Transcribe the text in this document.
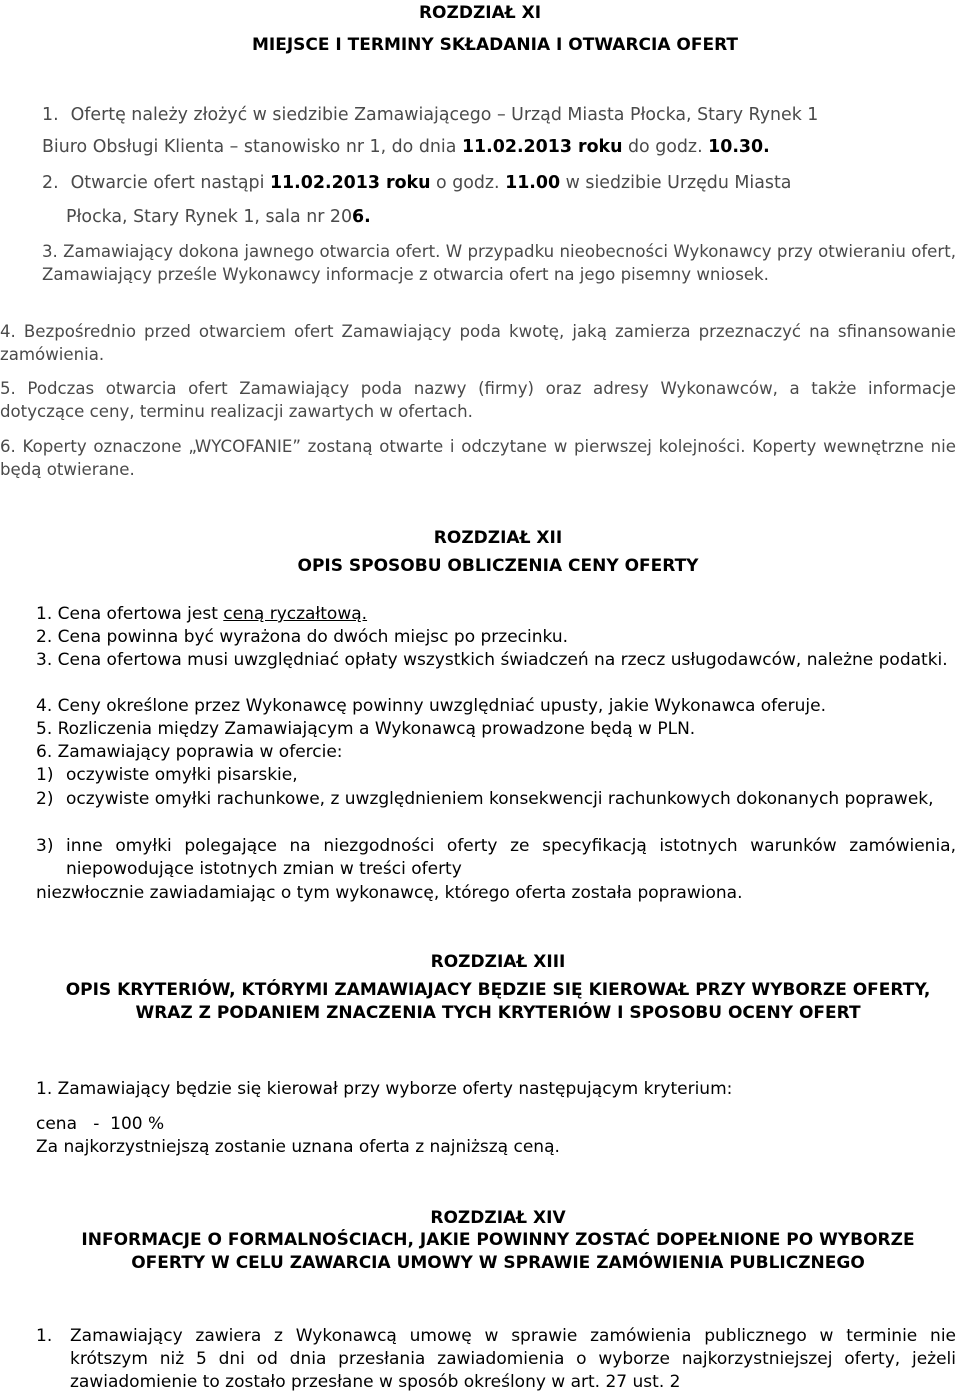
ROZDZIAŁ XI

MIEJSCE I TERMINY SKŁADANIA I OTWARCIA OFERT

1. Ofertę należy złożyć w siedzibie Zamawiającego – Urząd Miasta Płocka, Stary Rynek 1

Biuro Obsługi Klienta – stanowisko nr 1, do dnia 11.02.2013 roku do godz. 10.30.

2. Otwarcie ofert nastąpi 11.02.2013 roku o godz. 11.00 w siedzibie Urzędu Miasta

Płocka, Stary Rynek 1, sala nr 206.

3. Zamawiający dokona jawnego otwarcia ofert. W przypadku nieobecności Wykonawcy przy otwieraniu ofert, Zamawiający prześle Wykonawcy informacje z otwarcia ofert na jego pisemny wniosek.

4. Bezpośrednio przed otwarciem ofert Zamawiający poda kwotę, jaką zamierza przeznaczyć na sfinansowanie zamówienia.

5. Podczas otwarcia ofert Zamawiający poda nazwy (firmy) oraz adresy Wykonawców, a także informacje dotyczące ceny, terminu realizacji zawartych w ofertach.

6. Koperty oznaczone „WYCOFANIE” zostaną otwarte i odczytane w pierwszej kolejności. Koperty wewnętrzne nie będą otwierane.

ROZDZIAŁ XII

OPIS SPOSOBU OBLICZENIA CENY OFERTY

1. Cena ofertowa jest ceną ryczałtową.

2. Cena powinna być wyrażona do dwóch miejsc po przecinku.

3. Cena ofertowa musi uwzględniać opłaty wszystkich świadczeń na rzecz usługodawców, należne podatki.

4. Ceny określone przez Wykonawcę powinny uwzględniać upusty, jakie Wykonawca oferuje.

5. Rozliczenia między Zamawiającym a Wykonawcą prowadzone będą w PLN.

6. Zamawiający poprawia w ofercie:

1) oczywiste omyłki pisarskie,

2) oczywiste omyłki rachunkowe, z uwzględnieniem konsekwencji rachunkowych dokonanych poprawek,

3) inne omyłki polegające na niezgodności oferty ze specyfikacją istotnych warunków zamówienia, niepowodujące istotnych zmian w treści oferty

niezwłocznie zawiadamiając o tym wykonawcę, którego oferta została poprawiona.

ROZDZIAŁ XIII

OPIS KRYTERIÓW, KTÓRYMI ZAMAWIAJACY BĘDZIE SIĘ KIEROWAŁ PRZY WYBORZE OFERTY, WRAZ Z PODANIEM ZNACZENIA TYCH KRYTERIÓW I SPOSOBU OCENY OFERT

1. Zamawiający będzie się kierował przy wyborze oferty następującym kryterium:

cena   -  100 %

Za najkorzystniejszą zostanie uznana oferta z najniższą ceną.

ROZDZIAŁ XIV

INFORMACJE O FORMALNOŚCIACH, JAKIE POWINNY ZOSTAĆ DOPEŁNIONE PO WYBORZE OFERTY W CELU ZAWARCIA UMOWY W SPRAWIE ZAMÓWIENIA PUBLICZNEGO

1.	Zamawiający zawiera z Wykonawcą umowę w sprawie zamówienia publicznego w terminie nie krótszym niż 5 dni od dnia przesłania zawiadomienia o wyborze najkorzystniejszej oferty, jeżeli zawiadomienie to zostało przesłane w sposób określony w art. 27 ust. 2
